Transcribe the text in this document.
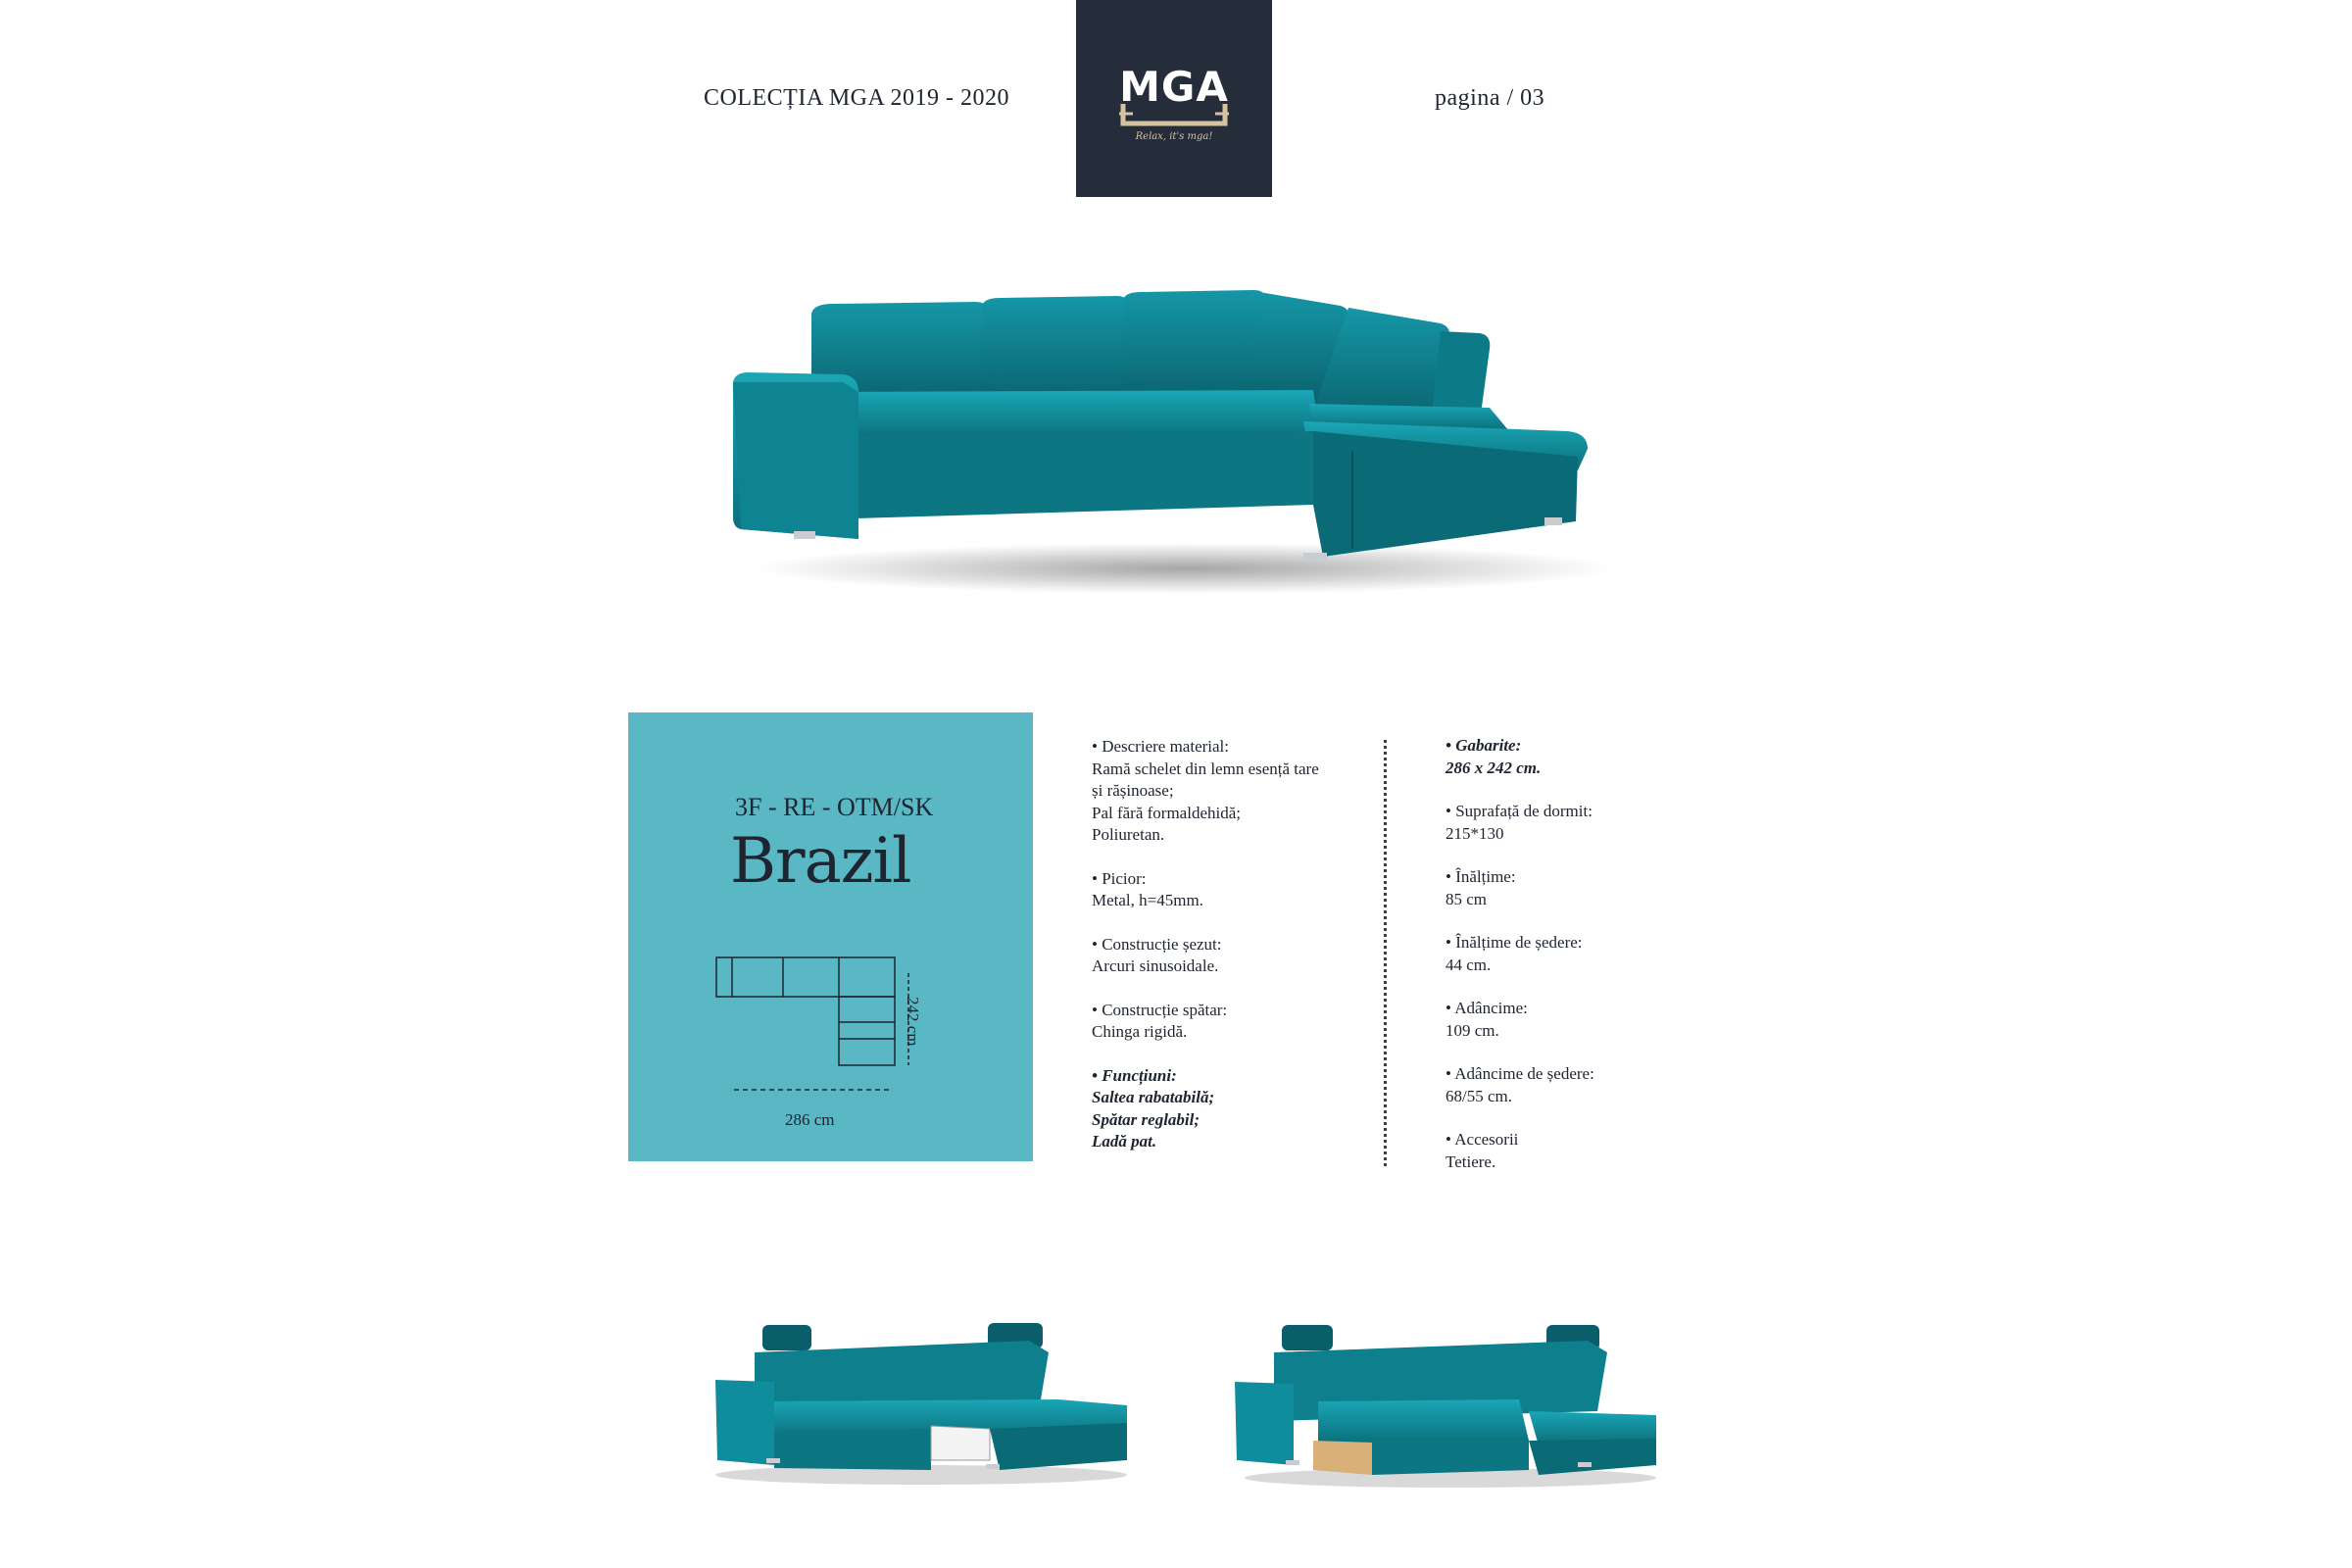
COLECȚIA MGA 2019 - 2020	MGA
Relax, it's mga!
pagina / 03
3F - RE - OTM/SK
Brazil
242 cm
286 cm
• Descriere material:
Ramă schelet din lemn esență tare
și rășinoase;
Pal fără formaldehidă;
Poliuretan.
• Picior:
Metal, h=45mm.
• Construcție șezut:
Arcuri sinusoidale.
• Construcție spătar:
Chinga rigidă.
• Funcțiuni:
Saltea rabatabilă;
Spătar reglabil;
Ladă pat.
• Gabarite:
286 x 242 cm.
• Suprafață de dormit:
215*130
• Înălțime:
85 cm
• Înălțime de ședere:
44 cm.
• Adâncime:
109 cm.
• Adâncime de ședere:
68/55 cm.
• Accesorii
Tetiere.
